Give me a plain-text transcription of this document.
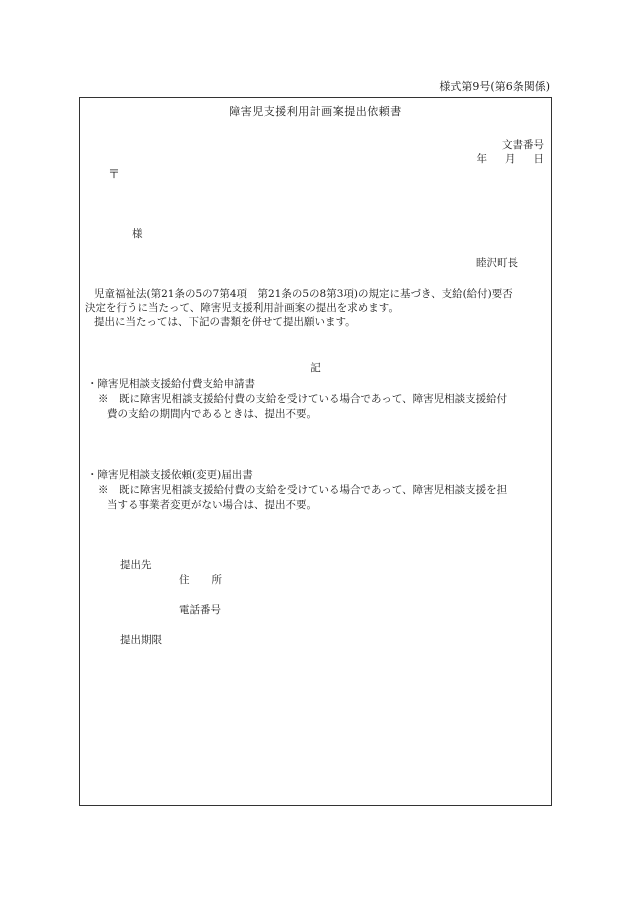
様式第9号(第6条関係)
障害児支援利用計画案提出依頼書
文書番号
年 月 日
〒
様
睦沢町長
児童福祉法(第21条の5の7第4項　第21条の5の8第3項)の規定に基づき、支給(給付)要否
決定を行うに当たって、障害児支援利用計画案の提出を求めます。
提出に当たっては、下記の書類を併せて提出願います。
記
・障害児相談支援給付費支給申請書
※　既に障害児相談支援給付費の支給を受けている場合であって、障害児相談支援給付
費の支給の期間内であるときは、提出不要。
・障害児相談支援依頼(変更)届出書
※　既に障害児相談支援給付費の支給を受けている場合であって、障害児相談支援を担
当する事業者変更がない場合は、提出不要。
提出先
住 所
電話番号
提出期限
